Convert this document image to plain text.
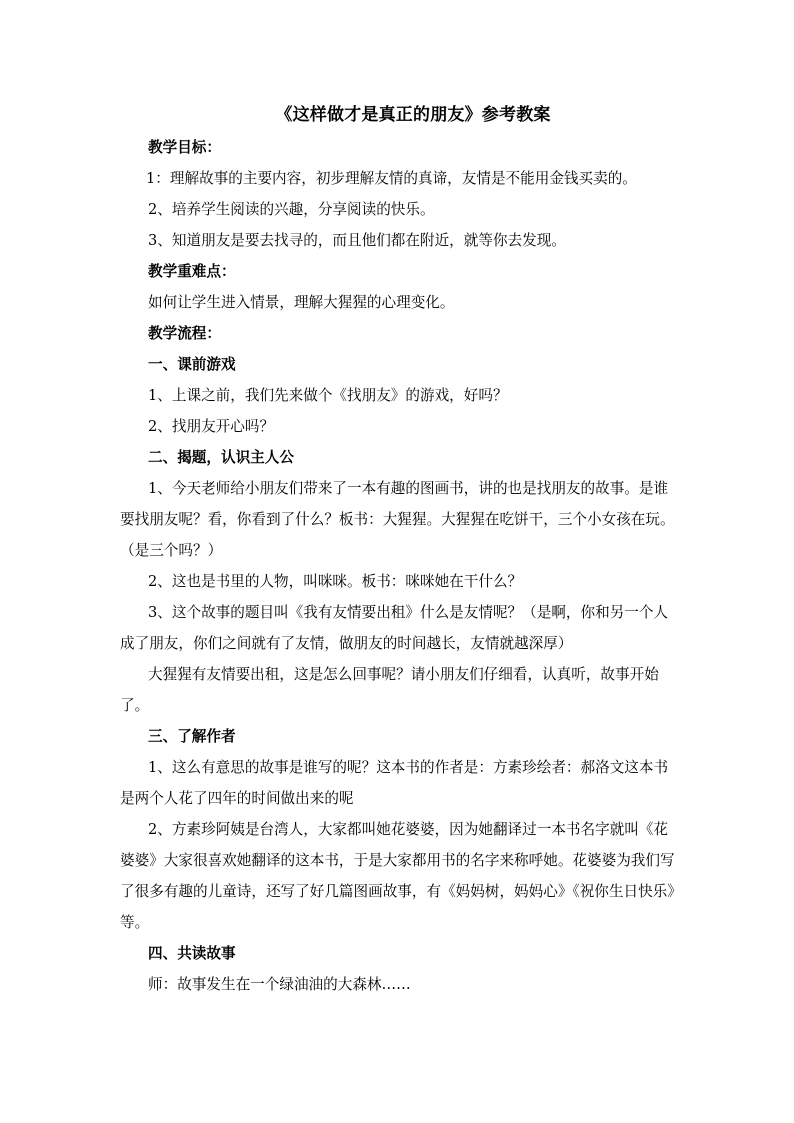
《这样做才是真正的朋友》参考教案

教学目标：

1：理解故事的主要内容，初步理解友情的真谛，友情是不能用金钱买卖的。

2、培养学生阅读的兴趣，分享阅读的快乐。

3、知道朋友是要去找寻的，而且他们都在附近，就等你去发现。

教学重难点：

如何让学生进入情景，理解大猩猩的心理变化。

教学流程：

一、课前游戏

1、上课之前，我们先来做个《找朋友》的游戏，好吗？

2、找朋友开心吗？

二、揭题，认识主人公

1、今天老师给小朋友们带来了一本有趣的图画书，讲的也是找朋友的故事。是谁要找朋友呢？看，你看到了什么？板书：大猩猩。大猩猩在吃饼干，三个小女孩在玩。（是三个吗？）

2、这也是书里的人物，叫咪咪。板书：咪咪她在干什么？

3、这个故事的题目叫《我有友情要出租》什么是友情呢？（是啊，你和另一个人成了朋友，你们之间就有了友情，做朋友的时间越长，友情就越深厚）

大猩猩有友情要出租，这是怎么回事呢？请小朋友们仔细看，认真听，故事开始了。

三、了解作者

1、这么有意思的故事是谁写的呢？这本书的作者是：方素珍绘者：郝洛文这本书是两个人花了四年的时间做出来的呢

2、方素珍阿姨是台湾人，大家都叫她花婆婆，因为她翻译过一本书名字就叫《花婆婆》大家很喜欢她翻译的这本书，于是大家都用书的名字来称呼她。花婆婆为我们写了很多有趣的儿童诗，还写了好几篇图画故事，有《妈妈树，妈妈心》《祝你生日快乐》等。

四、共读故事

师：故事发生在一个绿油油的大森林……
